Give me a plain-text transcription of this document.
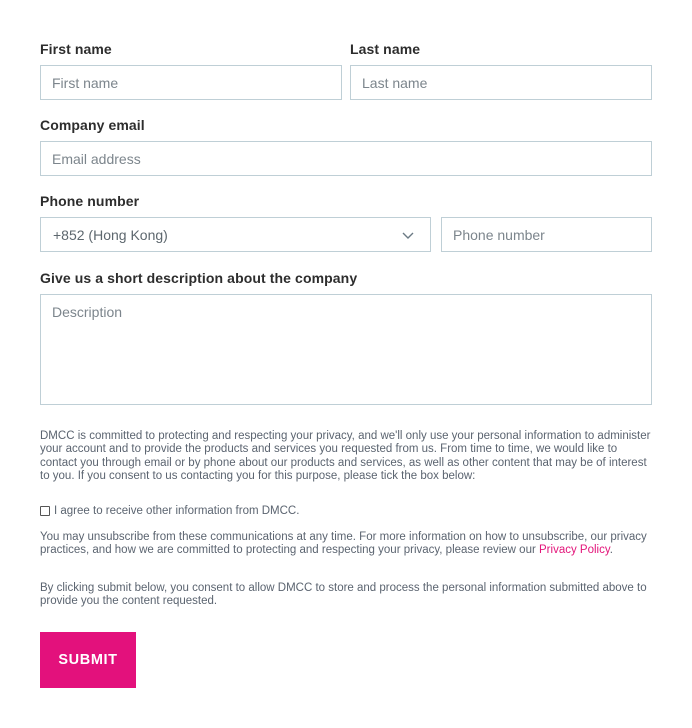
First name
First name	Last name
Last name
Company email
Email address
Phone number
+852 (Hong Kong)
Phone number
Give us a short description about the company
Description

DMCC is committed to protecting and respecting your privacy, and we'll only use your personal information to administer your account and to provide the products and services you requested from us. From time to time, we would like to contact you through email or by phone about our products and services, as well as other content that may be of interest to you. If you consent to us contacting you for this purpose, please tick the box below:

I agree to receive other information from DMCC.

You may unsubscribe from these communications at any time. For more information on how to unsubscribe, our privacy practices, and how we are committed to protecting and respecting your privacy, please review our Privacy Policy.

By clicking submit below, you consent to allow DMCC to store and process the personal information submitted above to provide you the content requested.

SUBMIT
